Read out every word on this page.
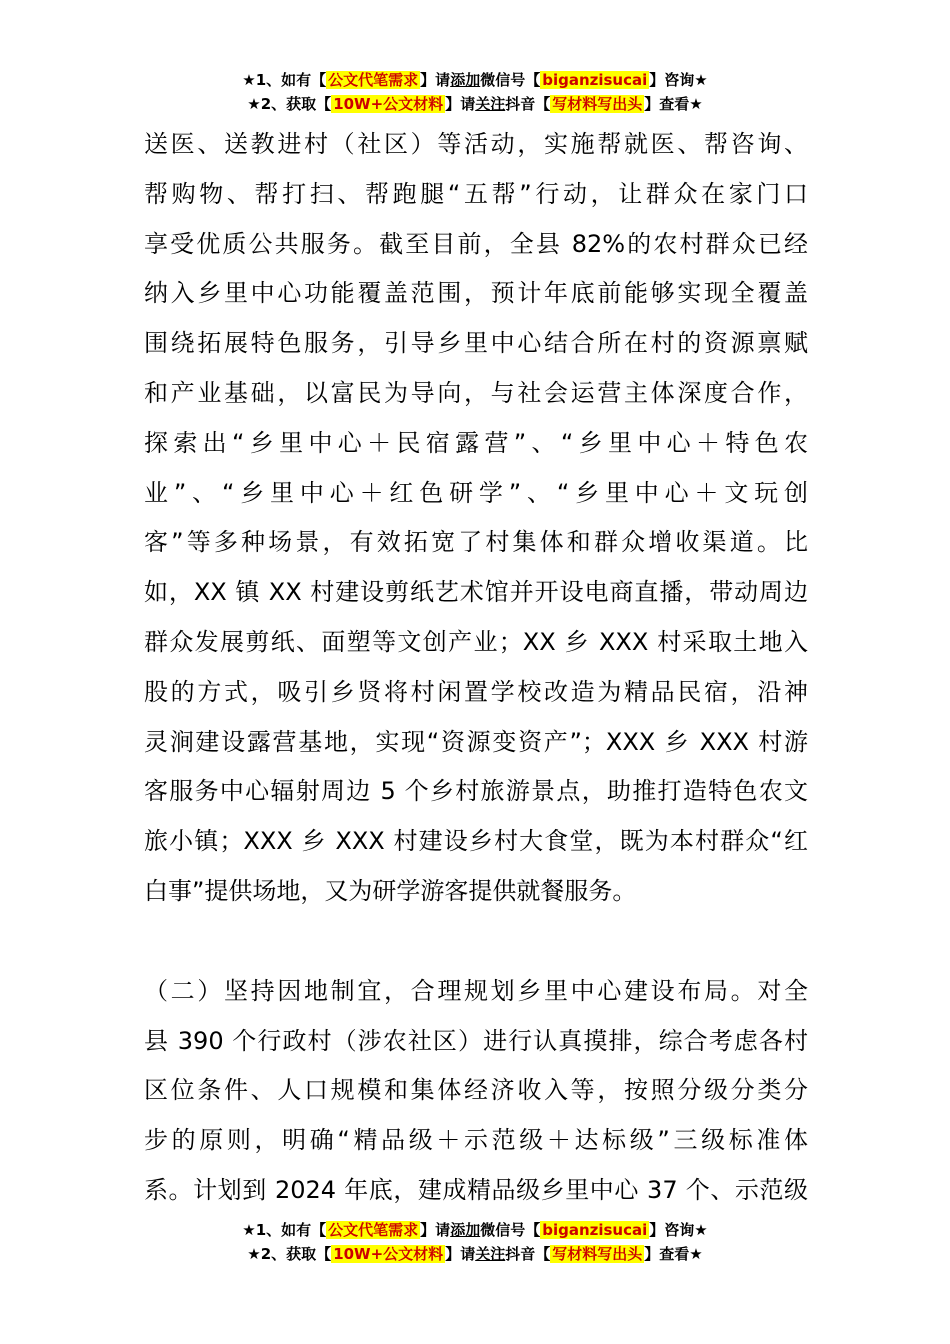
★1、如有【 公文代笔需求 】请添加微信号【 biganzisucai 】咨询★
★2、获取【 10W+公文材料 】请关注抖音【 写材料写出头 】查看★
送医、送教进村（社区）等活动，实施帮就医、帮咨询、
帮购物、帮打扫、帮跑腿“五帮”行动，让群众在家门口
享受优质公共服务。截至目前，全县 82%的农村群众已经
纳入乡里中心功能覆盖范围，预计年底前能够实现全覆盖
围绕拓展特色服务，引导乡里中心结合所在村的资源禀赋
和产业基础，以富民为导向，与社会运营主体深度合作，
探索出“乡里中心＋民宿露营”、“乡里中心＋特色农
业”、“乡里中心＋红色研学”、“乡里中心＋文玩创
客”等多种场景，有效拓宽了村集体和群众增收渠道。比
如，XX 镇 XX 村建设剪纸艺术馆并开设电商直播，带动周边
群众发展剪纸、面塑等文创产业；XX 乡 XXX 村采取土地入
股的方式，吸引乡贤将村闲置学校改造为精品民宿，沿神
灵涧建设露营基地，实现“资源变资产”；XXX 乡 XXX 村游
客服务中心辐射周边 5 个乡村旅游景点，助推打造特色农文
旅小镇；XXX 乡 XXX 村建设乡村大食堂，既为本村群众“红
白事”提供场地，又为研学游客提供就餐服务。
（二）坚持因地制宜，合理规划乡里中心建设布局。对全
县 390 个行政村（涉农社区）进行认真摸排，综合考虑各村
区位条件、人口规模和集体经济收入等，按照分级分类分
步的原则，明确“精品级＋示范级＋达标级”三级标准体
系。计划到 2024 年底，建成精品级乡里中心 37 个、示范级
★1、如有【 公文代笔需求 】请添加微信号【 biganzisucai 】咨询★
★2、获取【 10W+公文材料 】请关注抖音【 写材料写出头 】查看★
